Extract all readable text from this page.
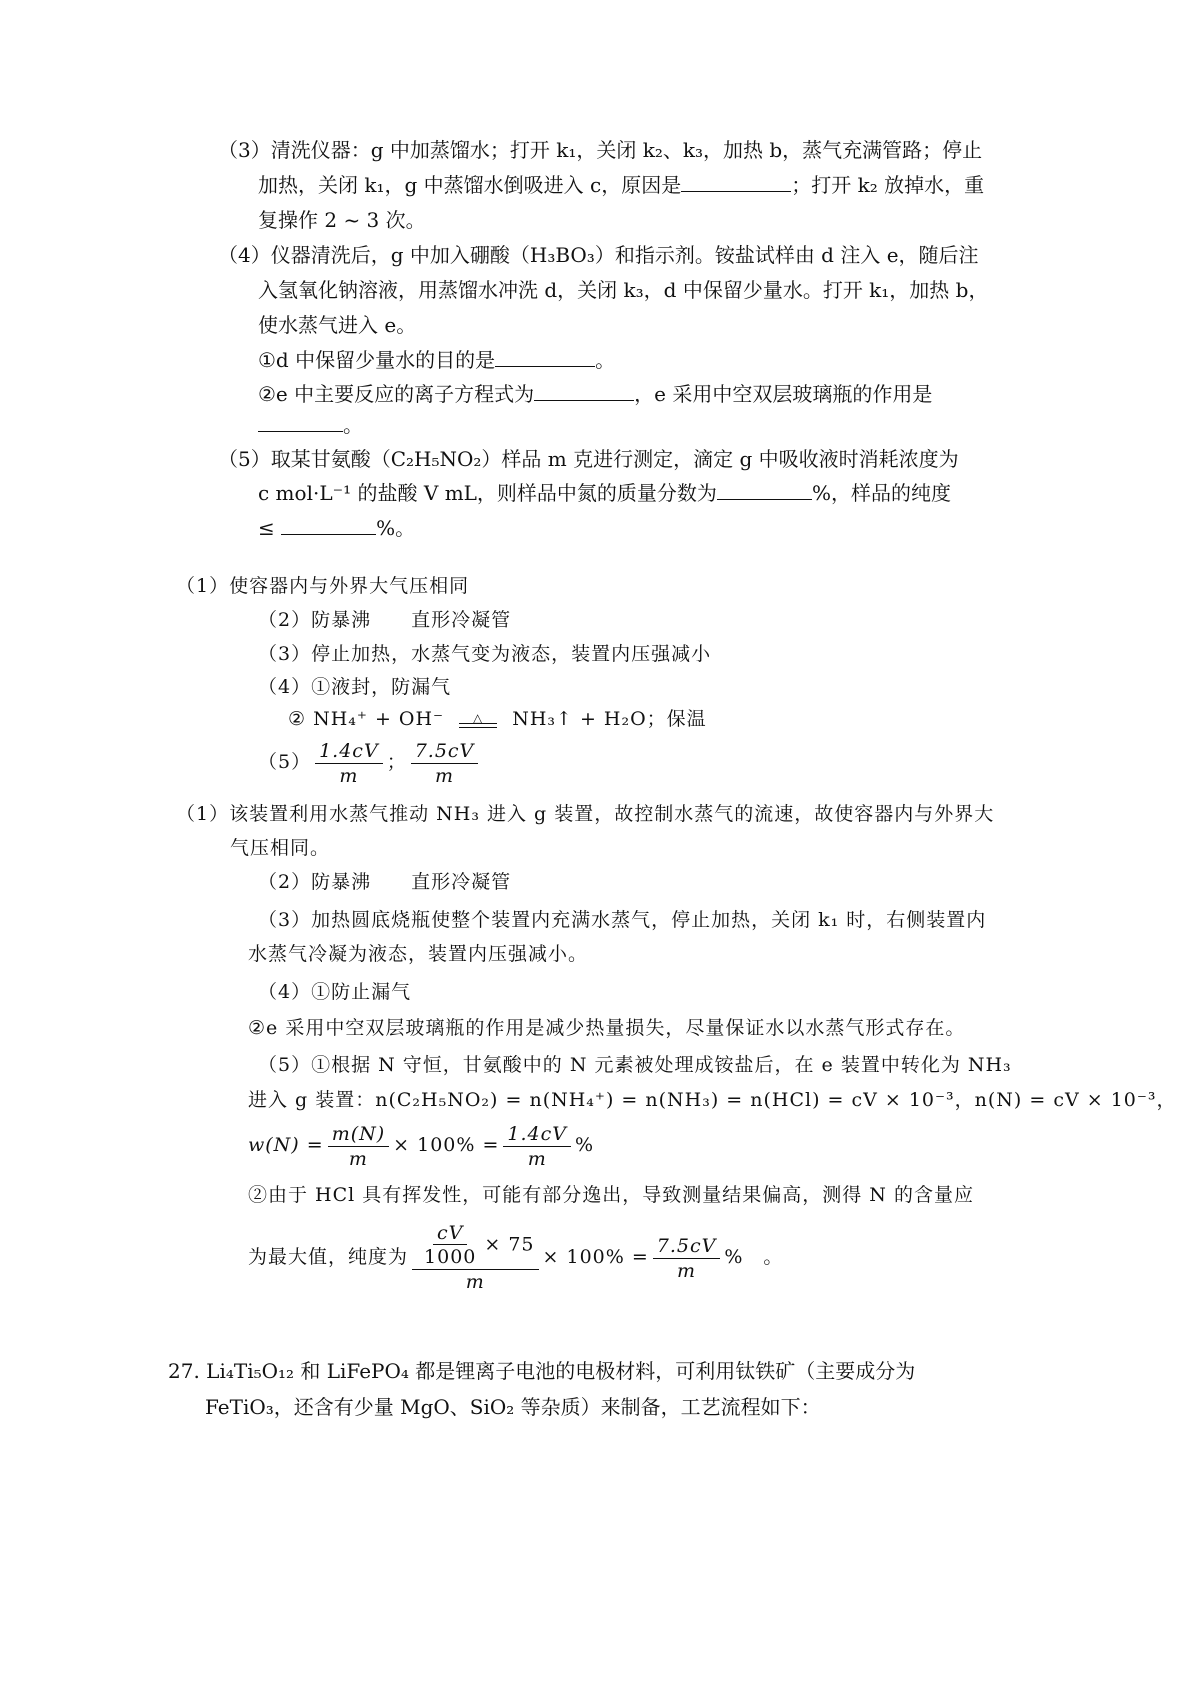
（3）清洗仪器：g 中加蒸馏水；打开 k₁，关闭 k₂、k₃，加热 b，蒸气充满管路；停止
加热，关闭 k₁，g 中蒸馏水倒吸进入 c，原因是	；打开 k₂ 放掉水，重
复操作 2 ~ 3 次。
（4）仪器清洗后，g 中加入硼酸（H₃BO₃）和指示剂。铵盐试样由 d 注入 e，随后注
入氢氧化钠溶液，用蒸馏水冲洗 d，关闭 k₃，d 中保留少量水。打开 k₁，加热 b，
使水蒸气进入 e。
①d 中保留少量水的目的是	。
②e 中主要反应的离子方程式为	，e 采用中空双层玻璃瓶的作用是
。
（5）取某甘氨酸（C₂H₅NO₂）样品 m 克进行测定，滴定 g 中吸收液时消耗浓度为
c mol·L⁻¹ 的盐酸 V mL，则样品中氮的质量分数为	%，样品的纯度
≤	%。
（1）使容器内与外界大气压相同
（2）防暴沸　　直形冷凝管
（3）停止加热，水蒸气变为液态，装置内压强减小
（4）①液封，防漏气
② NH₄⁺ + OH⁻ △ NH₃↑ + H₂O；保温
$(5) \frac{1.4cV}{m}$ ； $\frac{7.5cV}{m}$
（1）该装置利用水蒸气推动 NH₃ 进入 g 装置，故控制水蒸气的流速，故使容器内与外界大
气压相同。
（2）防暴沸　　直形冷凝管
（3）加热圆底烧瓶使整个装置内充满水蒸气，停止加热，关闭 k₁ 时，右侧装置内
水蒸气冷凝为液态，装置内压强减小。
（4）①防止漏气
②e 采用中空双层玻璃瓶的作用是减少热量损失，尽量保证水以水蒸气形式存在。
（5）①根据 N 守恒，甘氨酸中的 N 元素被处理成铵盐后，在 e 装置中转化为 NH₃
进入 g 装置：n(C₂H₅NO₂) = n(NH₄⁺) = n(NH₃) = n(HCl) = cV × 10⁻³，n(N) = cV × 10⁻³，
$w(N) = \frac{m(N)}{m} \times 100\% = \frac{1.4cV}{m}$ %
②由于 HCl 具有挥发性，可能有部分逸出，导致测量结果偏高，测得 N 的含量应
为最大值，纯度为 $\frac{\frac{cV}{1000} \times 75}{m} \times 100\% = \frac{7.5cV}{m}$ %　。
27. Li₄Ti₅O₁₂ 和 LiFePO₄ 都是锂离子电池的电极材料，可利用钛铁矿（主要成分为
FeTiO₃，还含有少量 MgO、SiO₂ 等杂质）来制备，工艺流程如下：
